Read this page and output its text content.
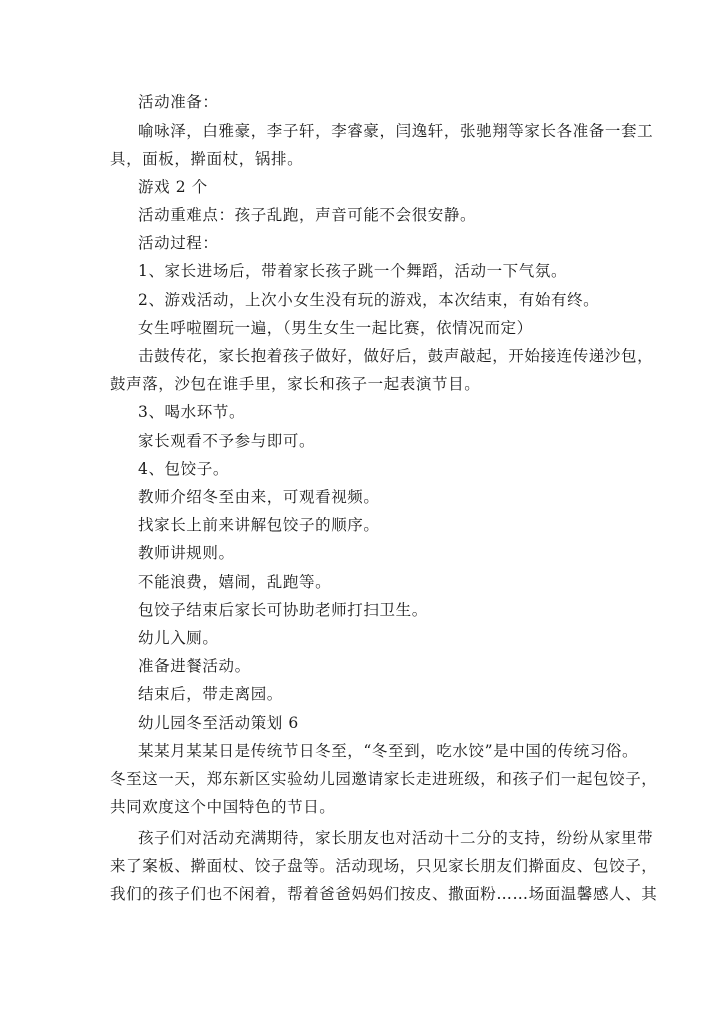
活动准备：
喻咏泽，白雅豪，李子轩，李睿豪，闫逸轩，张驰翔等家长各准备一套工
具，面板，擀面杖，锅排。
游戏 2 个
活动重难点：孩子乱跑，声音可能不会很安静。
活动过程：
1、家长进场后，带着家长孩子跳一个舞蹈，活动一下气氛。
2、游戏活动，上次小女生没有玩的游戏，本次结束，有始有终。
女生呼啦圈玩一遍，（男生女生一起比赛，依情况而定）
击鼓传花，家长抱着孩子做好，做好后，鼓声敲起，开始接连传递沙包，
鼓声落，沙包在谁手里，家长和孩子一起表演节目。
3、喝水环节。
家长观看不予参与即可。
4、包饺子。
教师介绍冬至由来，可观看视频。
找家长上前来讲解包饺子的顺序。
教师讲规则。
不能浪费，嬉闹，乱跑等。
包饺子结束后家长可协助老师打扫卫生。
幼儿入厕。
准备进餐活动。
结束后，带走离园。
幼儿园冬至活动策划 6
某某月某某日是传统节日冬至，“冬至到，吃水饺”是中国的传统习俗。
冬至这一天，郑东新区实验幼儿园邀请家长走进班级，和孩子们一起包饺子，
共同欢度这个中国特色的节日。
孩子们对活动充满期待，家长朋友也对活动十二分的支持，纷纷从家里带
来了案板、擀面杖、饺子盘等。活动现场，只见家长朋友们擀面皮、包饺子，
我们的孩子们也不闲着，帮着爸爸妈妈们按皮、撒面粉……场面温馨感人、其
